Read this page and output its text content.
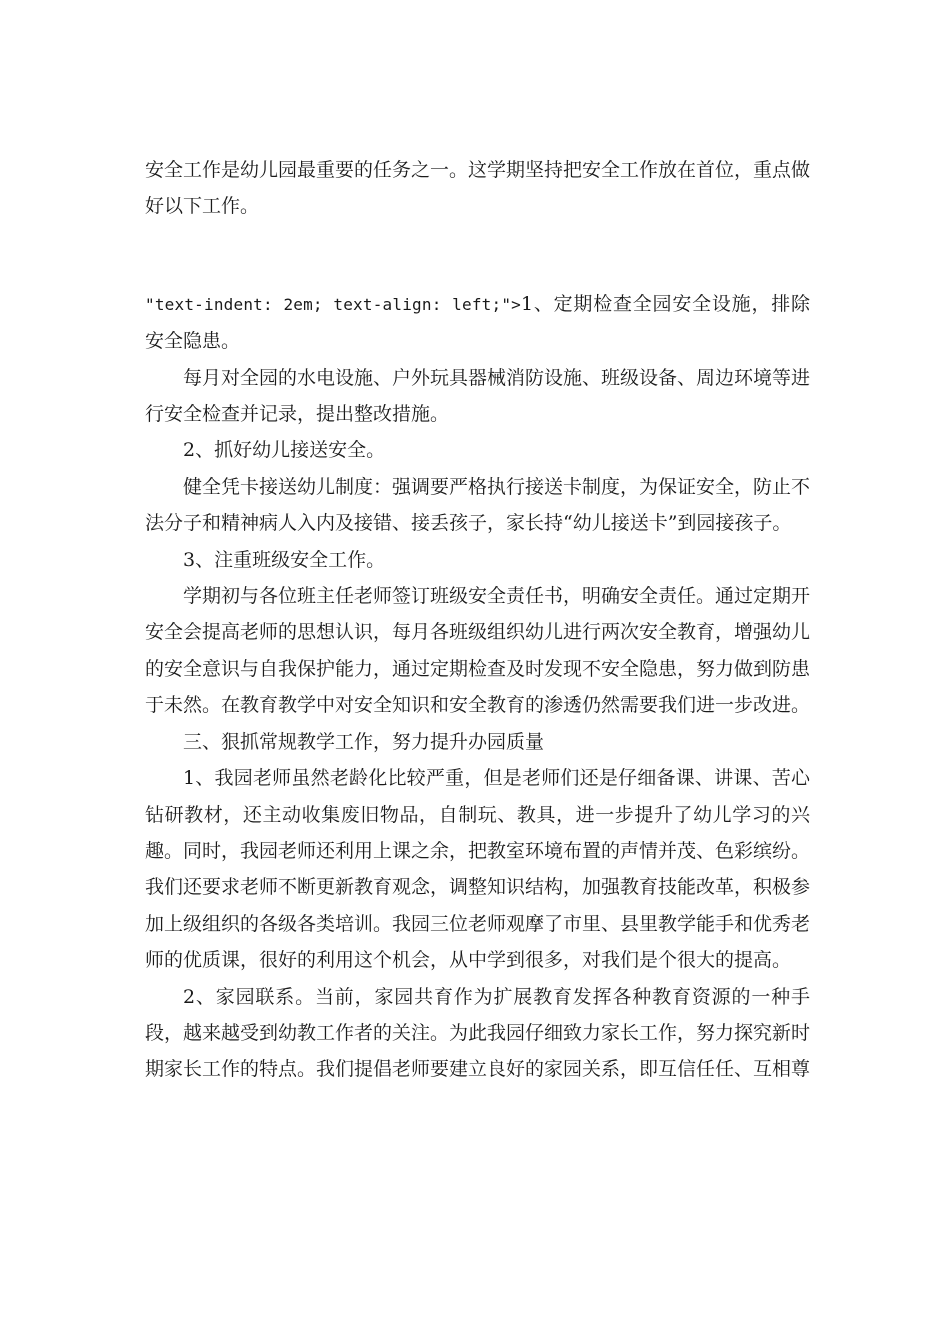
安全工作是幼儿园最重要的任务之一。这学期坚持把安全工作放在首位，重点做好以下工作。

"text-indent: 2em; text-align: left;">1、定期检查全园安全设施，排除安全隐患。

每月对全园的水电设施、户外玩具器械消防设施、班级设备、周边环境等进行安全检查并记录，提出整改措施。

2、抓好幼儿接送安全。

健全凭卡接送幼儿制度：强调要严格执行接送卡制度，为保证安全，防止不法分子和精神病人入内及接错、接丢孩子，家长持“幼儿接送卡”到园接孩子。

3、注重班级安全工作。

学期初与各位班主任老师签订班级安全责任书，明确安全责任。通过定期开安全会提高老师的思想认识，每月各班级组织幼儿进行两次安全教育，增强幼儿的安全意识与自我保护能力，通过定期检查及时发现不安全隐患，努力做到防患于未然。在教育教学中对安全知识和安全教育的渗透仍然需要我们进一步改进。

三、狠抓常规教学工作，努力提升办园质量

1、我园老师虽然老龄化比较严重，但是老师们还是仔细备课、讲课、苦心钻研教材，还主动收集废旧物品，自制玩、教具，进一步提升了幼儿学习的兴趣。同时，我园老师还利用上课之余，把教室环境布置的声情并茂、色彩缤纷。我们还要求老师不断更新教育观念，调整知识结构，加强教育技能改革，积极参加上级组织的各级各类培训。我园三位老师观摩了市里、县里教学能手和优秀老师的优质课，很好的利用这个机会，从中学到很多，对我们是个很大的提高。

2、家园联系。当前，家园共育作为扩展教育发挥各种教育资源的一种手段，越来越受到幼教工作者的关注。为此我园仔细致力家长工作，努力探究新时期家长工作的特点。我们提倡老师要建立良好的家园关系，即互信任任、互相尊
